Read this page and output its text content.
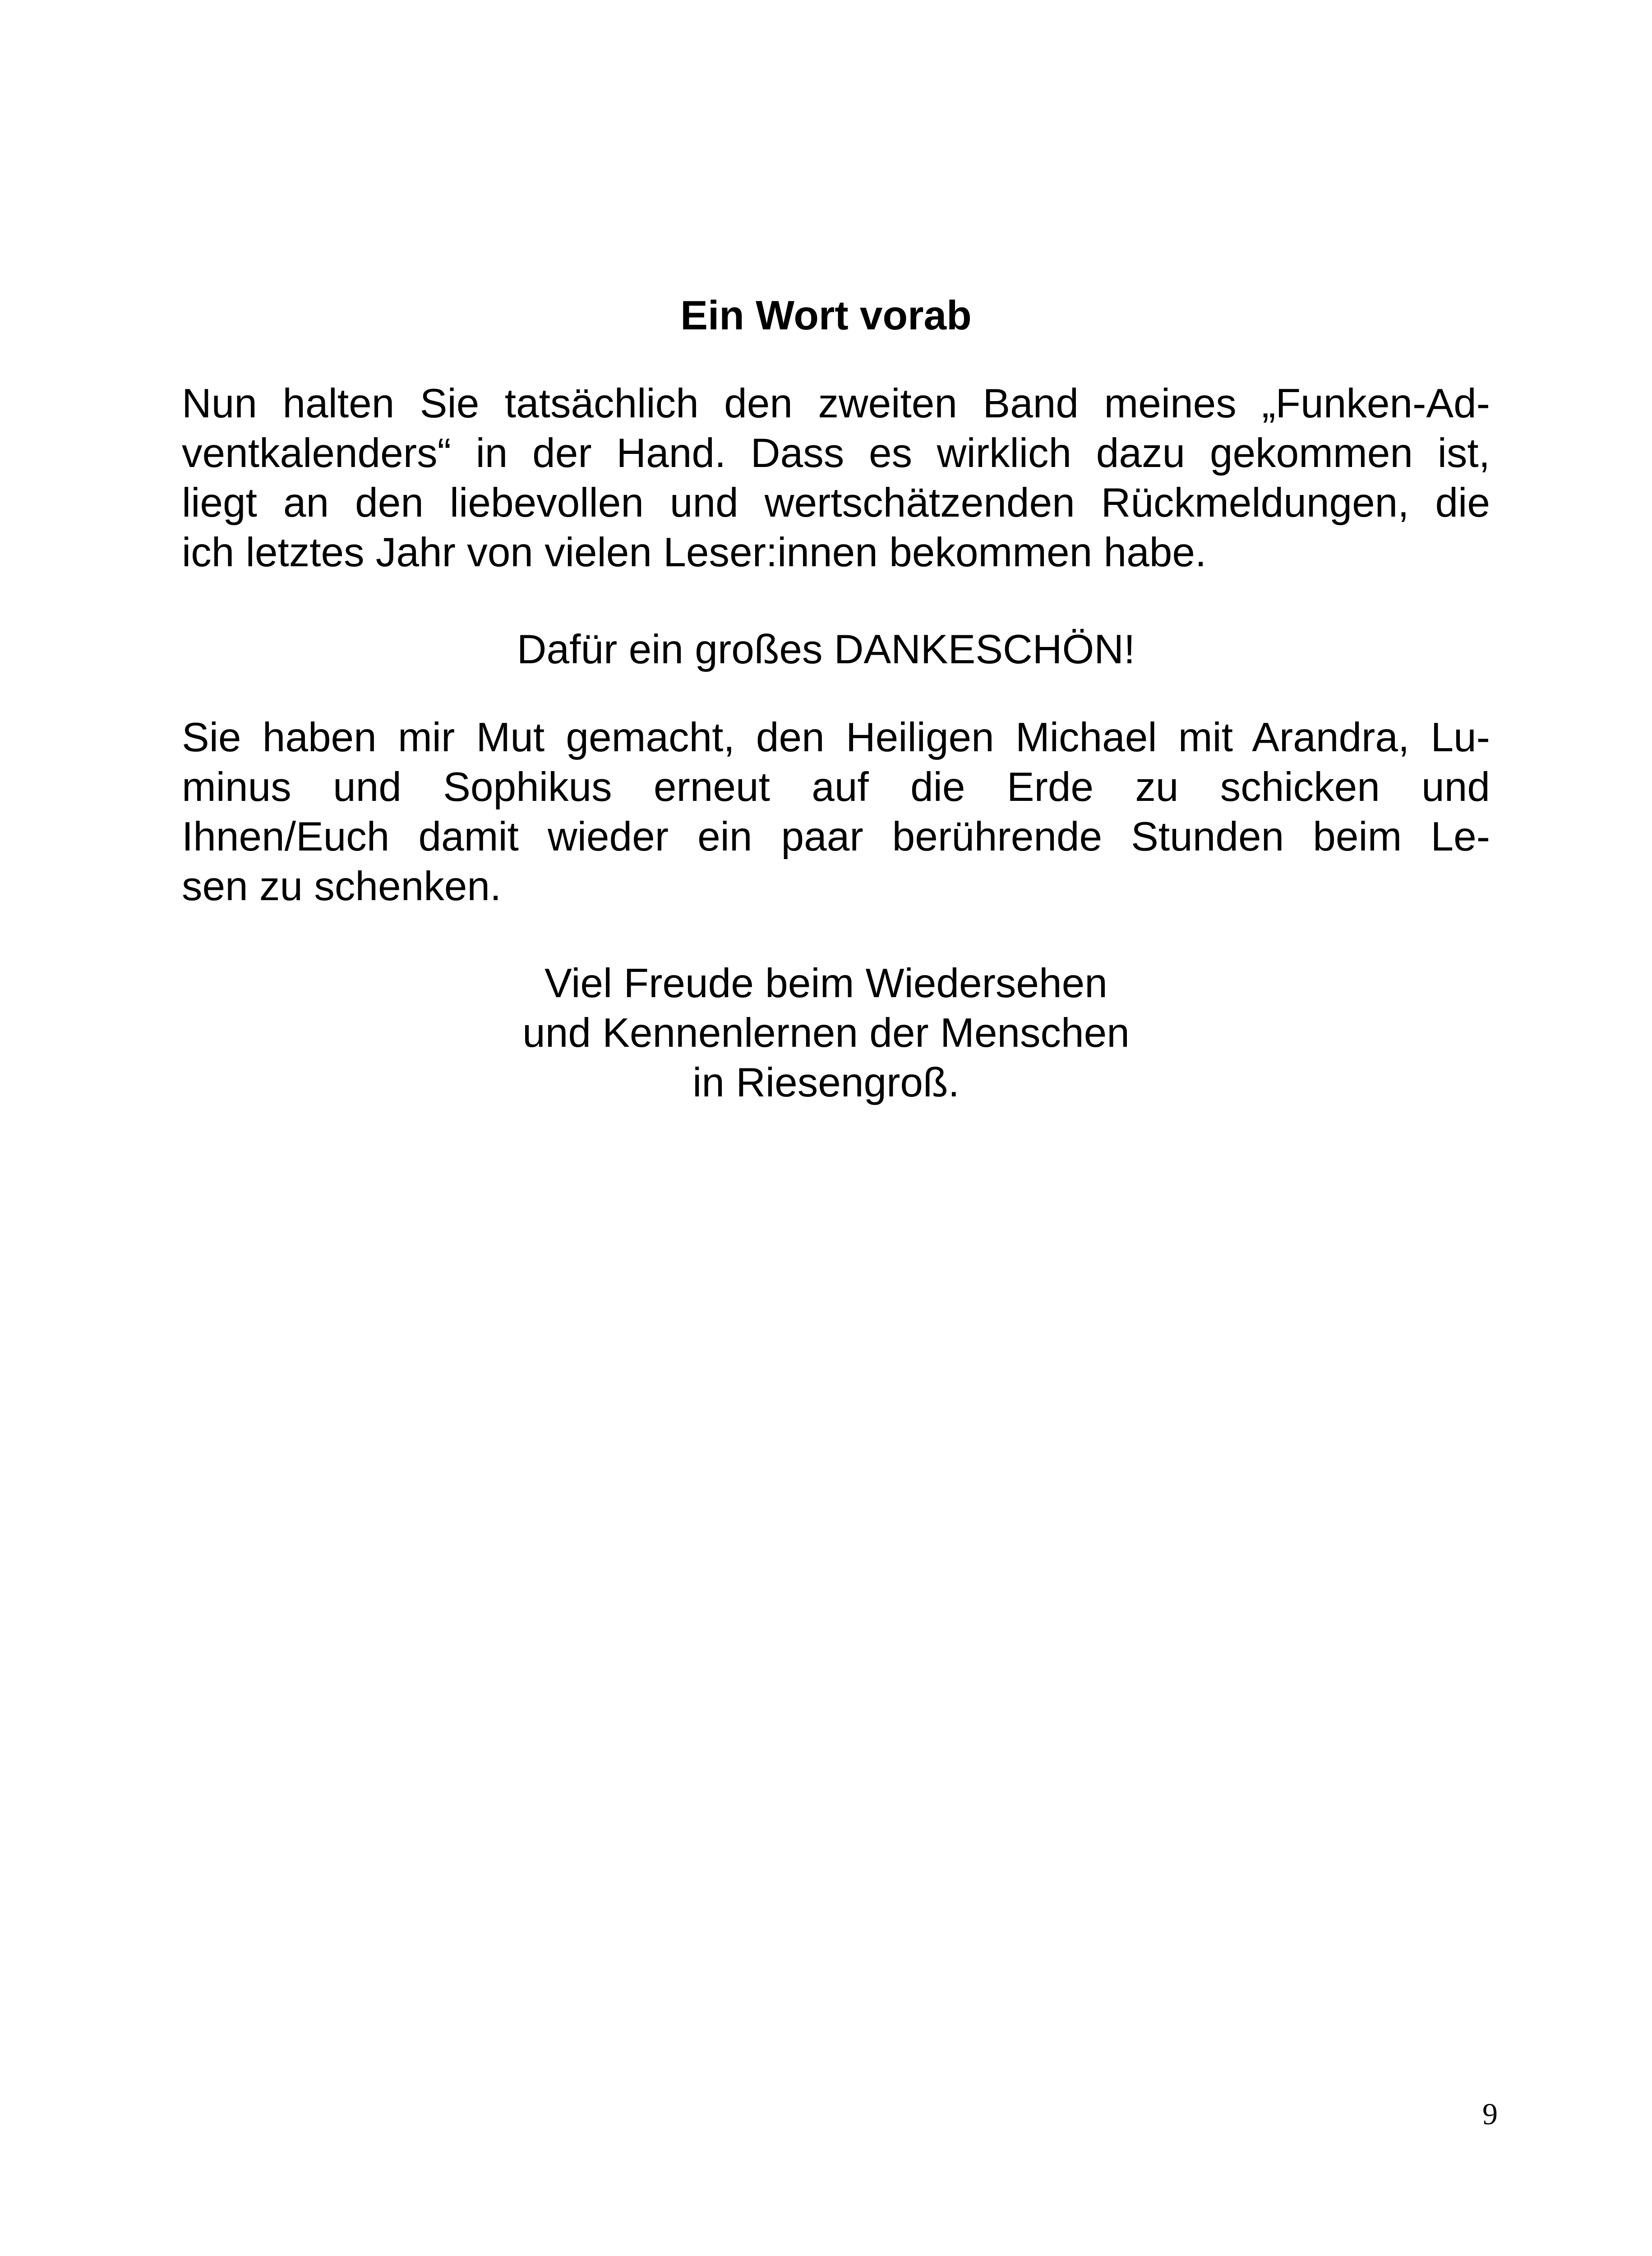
Ein Wort vorab

Nun halten Sie tatsächlich den zweiten Band meines „Funken-Ad-
ventkalenders“ in der Hand. Dass es wirklich dazu gekommen ist,
liegt an den liebevollen und wertschätzenden Rückmeldungen, die
ich letztes Jahr von vielen Leser:innen bekommen habe.

Dafür ein großes DANKESCHÖN!

Sie haben mir Mut gemacht, den Heiligen Michael mit Arandra, Lu-
minus und Sophikus erneut auf die Erde zu schicken und
Ihnen/Euch damit wieder ein paar berührende Stunden beim Le-
sen zu schenken.

Viel Freude beim Wiedersehen
und Kennenlernen der Menschen
in Riesengroß.

9
